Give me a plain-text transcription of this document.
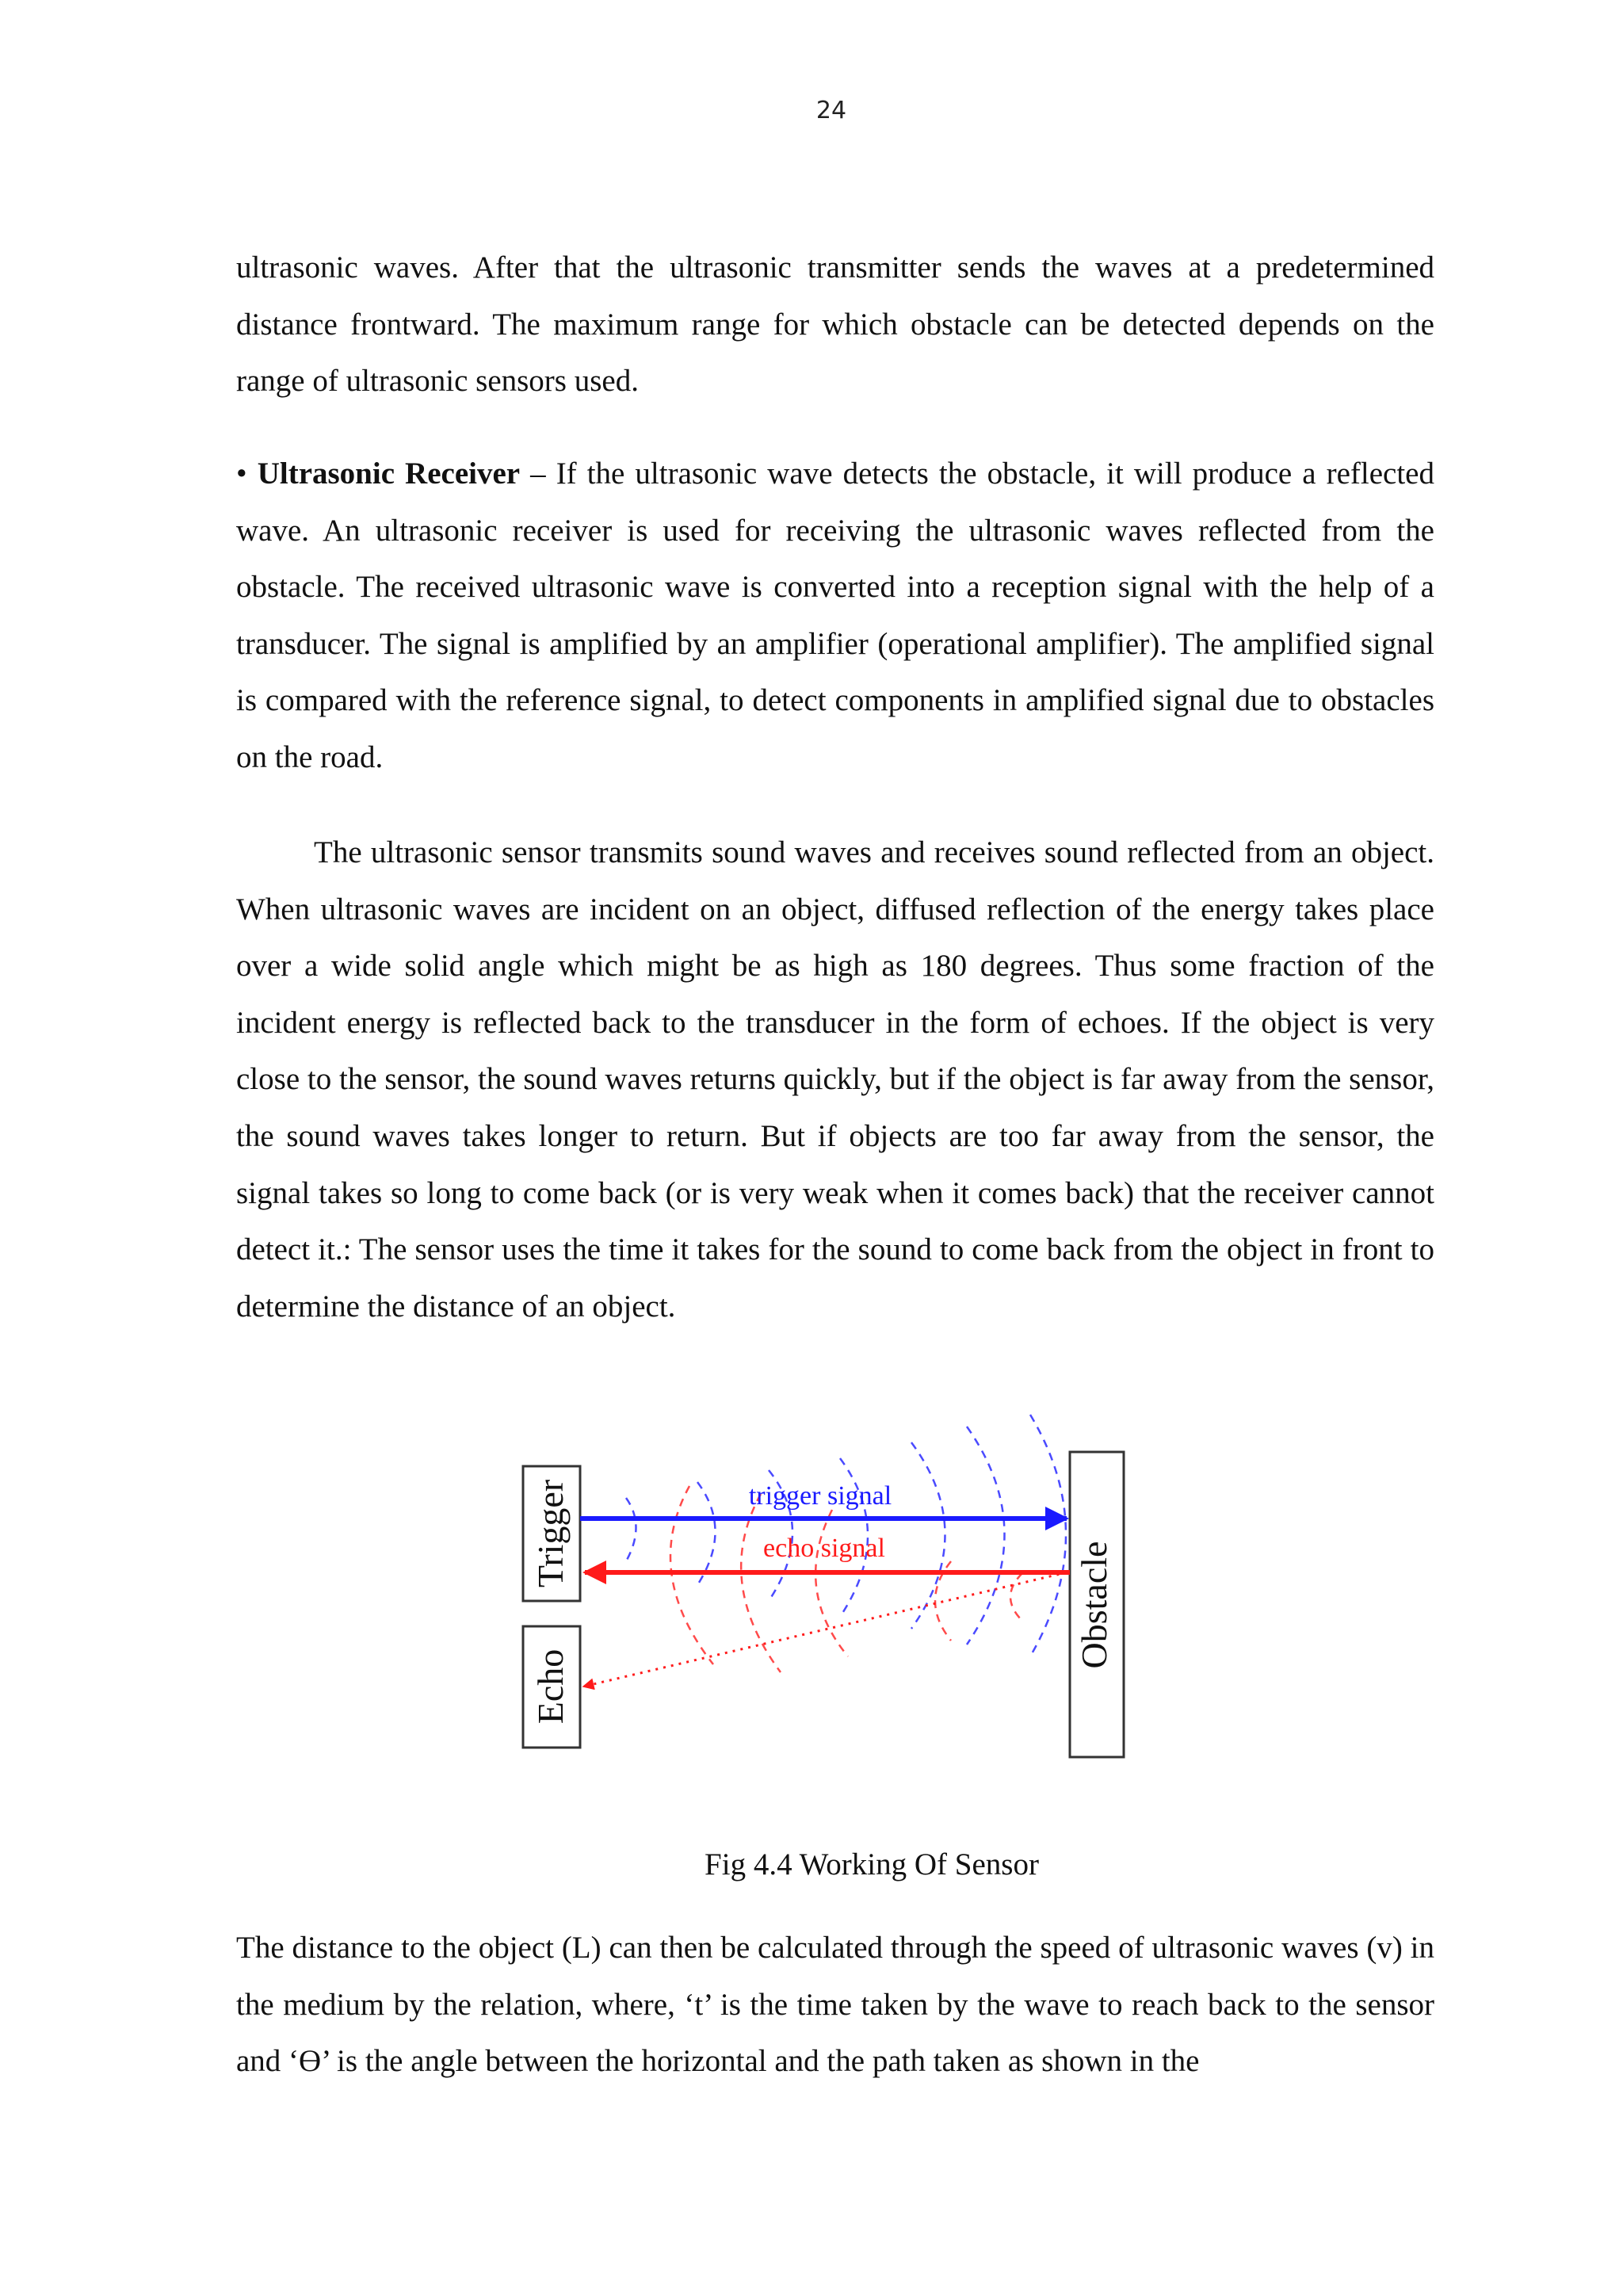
24

ultrasonic waves. After that the ultrasonic transmitter sends the waves at a predetermined distance frontward. The maximum range for which obstacle can be detected depends on the range of ultrasonic sensors used.

• Ultrasonic Receiver – If the ultrasonic wave detects the obstacle, it will produce a reflected wave. An ultrasonic receiver is used for receiving the ultrasonic waves reflected from the obstacle. The received ultrasonic wave is converted into a reception signal with the help of a transducer. The signal is amplified by an amplifier (operational amplifier). The amplified signal is compared with the reference signal, to detect components in amplified signal due to obstacles on the road.

The ultrasonic sensor transmits sound waves and receives sound reflected from an object. When ultrasonic waves are incident on an object, diffused reflection of the energy takes place over a wide solid angle which might be as high as 180 degrees. Thus some fraction of the incident energy is reflected back to the transducer in the form of echoes. If the object is very close to the sensor, the sound waves returns quickly, but if the object is far away from the sensor, the sound waves takes longer to return. But if objects are too far away from the sensor, the signal takes so long to come back (or is very weak when it comes back) that the receiver cannot detect it.: The sensor uses the time it takes for the sound to come back from the object in front to determine the distance of an object.

Trigger
Echo
Obstacle
trigger signal
echo signal
Fig 4.4 Working Of Sensor

The distance to the object (L) can then be calculated through the speed of ultrasonic waves (v) in the medium by the relation, where, ‘t’ is the time taken by the wave to reach back to the sensor and ‘Ɵ’ is the angle between the horizontal and the path taken as shown in the
